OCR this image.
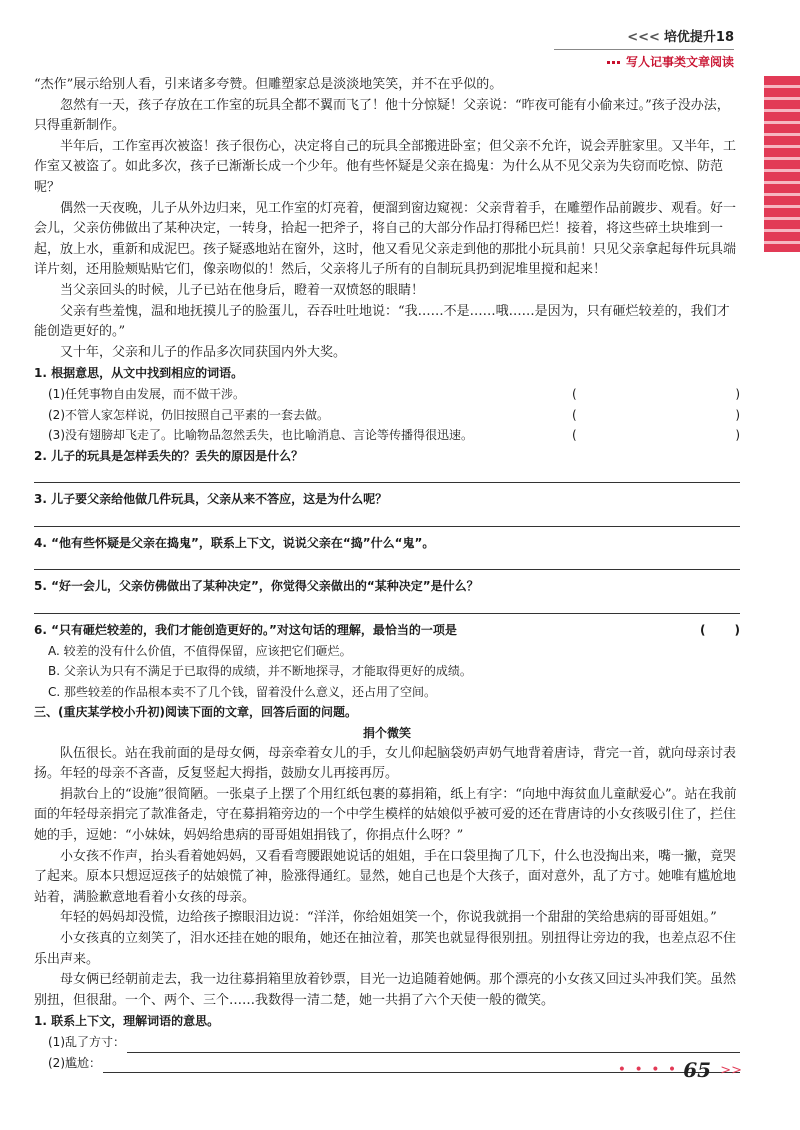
<<< 培优提升18
写人记事类文章阅读

“杰作”展示给别人看，引来诸多夸赞。但雕塑家总是淡淡地笑笑，并不在乎似的。

忽然有一天，孩子存放在工作室的玩具全都不翼而飞了！他十分惊疑！父亲说：“昨夜可能有小偷来过。”孩子没办法，只得重新制作。

半年后，工作室再次被盗！孩子很伤心，决定将自己的玩具全部搬进卧室；但父亲不允许，说会弄脏家里。又半年，工作室又被盗了。如此多次，孩子已渐渐长成一个少年。他有些怀疑是父亲在捣鬼：为什么从不见父亲为失窃而吃惊、防范呢？

偶然一天夜晚，儿子从外边归来，见工作室的灯亮着，便溜到窗边窥视：父亲背着手，在雕塑作品前踱步、观看。好一会儿，父亲仿佛做出了某种决定，一转身，拾起一把斧子，将自己的大部分作品打得稀巴烂！接着，将这些碎土块堆到一起，放上水，重新和成泥巴。孩子疑惑地站在窗外，这时，他又看见父亲走到他的那批小玩具前！只见父亲拿起每件玩具端详片刻，还用脸颊贴贴它们，像亲吻似的！然后，父亲将儿子所有的自制玩具扔到泥堆里搅和起来！

当父亲回头的时候，儿子已站在他身后，瞪着一双愤怒的眼睛！

父亲有些羞愧，温和地抚摸儿子的脸蛋儿，吞吞吐吐地说：“我……不是……哦……是因为，只有砸烂较差的，我们才能创造更好的。”

又十年，父亲和儿子的作品多次同获国内外大奖。

1. 根据意思，从文中找到相应的词语。

(1)任凭事物自由发展，而不做干涉。	(	)
(2)不管人家怎样说，仍旧按照自己平素的一套去做。	(	)
(3)没有翅膀却飞走了。比喻物品忽然丢失，也比喻消息、言论等传播得很迅速。	(	)

2. 儿子的玩具是怎样丢失的？丢失的原因是什么？

3. 儿子要父亲给他做几件玩具，父亲从来不答应，这是为什么呢？

4. “他有些怀疑是父亲在捣鬼”，联系上下文，说说父亲在“捣”什么“鬼”。

5. “好一会儿，父亲仿佛做出了某种决定”，你觉得父亲做出的“某种决定”是什么？

6. “只有砸烂较差的，我们才能创造更好的。”对这句话的理解，最恰当的一项是	( )

A. 较差的没有什么价值，不值得保留，应该把它们砸烂。

B. 父亲认为只有不满足于已取得的成绩，并不断地探寻，才能取得更好的成绩。

C. 那些较差的作品根本卖不了几个钱，留着没什么意义，还占用了空间。

三、(重庆某学校小升初)阅读下面的文章，回答后面的问题。

捐个微笑

队伍很长。站在我前面的是母女俩，母亲牵着女儿的手，女儿仰起脑袋奶声奶气地背着唐诗，背完一首，就向母亲讨表扬。年轻的母亲不吝啬，反复竖起大拇指，鼓励女儿再接再厉。

捐款台上的“设施”很简陋。一张桌子上摆了个用红纸包裹的募捐箱，纸上有字：“向地中海贫血儿童献爱心”。站在我前面的年轻母亲捐完了款准备走，守在募捐箱旁边的一个中学生模样的姑娘似乎被可爱的还在背唐诗的小女孩吸引住了，拦住她的手，逗她：“小妹妹，妈妈给患病的哥哥姐姐捐钱了，你捐点什么呀？”

小女孩不作声，抬头看着她妈妈，又看看弯腰跟她说话的姐姐，手在口袋里掏了几下，什么也没掏出来，嘴一撇，竟哭了起来。原本只想逗逗孩子的姑娘慌了神，脸涨得通红。显然，她自己也是个大孩子，面对意外，乱了方寸。她唯有尴尬地站着，满脸歉意地看着小女孩的母亲。

年轻的妈妈却没慌，边给孩子擦眼泪边说：“洋洋，你给姐姐笑一个，你说我就捐一个甜甜的笑给患病的哥哥姐姐。”

小女孩真的立刻笑了，泪水还挂在她的眼角，她还在抽泣着，那笑也就显得很别扭。别扭得让旁边的我，也差点忍不住乐出声来。

母女俩已经朝前走去，我一边往募捐箱里放着钞票，目光一边追随着她俩。那个漂亮的小女孩又回过头冲我们笑。虽然别扭，但很甜。一个、两个、三个……我数得一清二楚，她一共捐了六个天使一般的微笑。

1. 联系上下文，理解词语的意思。

(1)乱了方寸：
(2)尴尬：	• • • • 65 >>
